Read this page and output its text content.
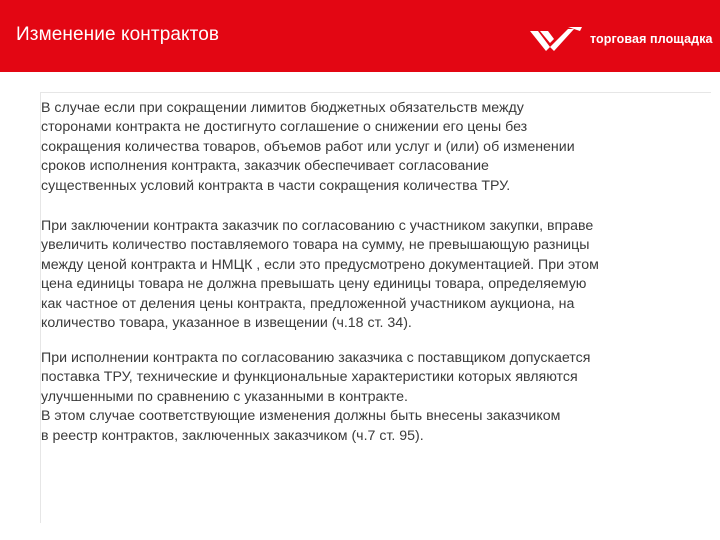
Изменение контрактов	торговая площадка
В случае если при сокращении лимитов бюджетных обязательств между
сторонами контракта не достигнуто соглашение о снижении его цены без
сокращения количества товаров, объемов работ или услуг и (или) об изменении
сроков исполнения контракта, заказчик обеспечивает согласование
существенных условий контракта в части сокращения количества ТРУ.
При заключении контракта заказчик по согласованию с участником закупки, вправе
увеличить количество поставляемого товара на сумму, не превышающую разницы
между ценой контракта и НМЦК , если это предусмотрено документацией. При этом
цена единицы товара не должна превышать цену единицы товара, определяемую
как частное от деления цены контракта, предложенной участником аукциона, на
количество товара, указанное в извещении (ч.18 ст. 34).
При исполнении контракта по согласованию заказчика с поставщиком допускается
поставка ТРУ, технические и функциональные характеристики которых являются
улучшенными по сравнению с указанными в контракте.
В этом случае соответствующие изменения должны быть внесены заказчиком
в реестр контрактов, заключенных заказчиком (ч.7 ст. 95).
